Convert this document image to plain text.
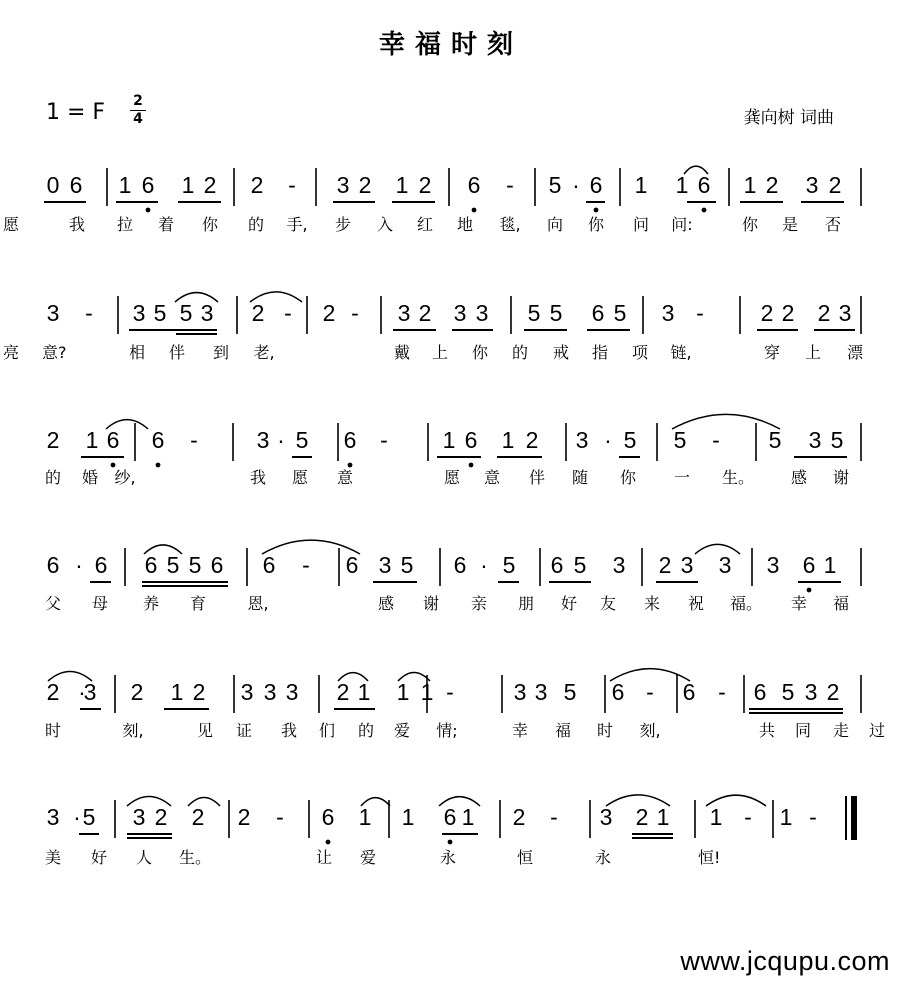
幸福时刻
1 = F 2
4	龚向树 词曲
0 6 1 6 1 2 2 - 3 2 1 2 6 - 5 · 6 1 1 6 1 2 3 2
我 拉 着 你 的 手, 步 入 红 地 毯, 向 你 问 问:	你 是 否
愿
3 - 3 5 5 3 2 - 2 - 3 2 3 3 5 5 6 5 3 - 2 2 2 3
意?	相 伴 到 老,	戴 上 你 的 戒 指 项 链,	穿 上 漂
亮
2 1 6 6 -	3 · 5 6 - 1 6 1 2 3 · 5 5 - 5 3 5
的 婚 纱,	我 愿 意	愿 意 伴 随 你 一 生。 感 谢
6 · 6 6 5 5 6 6 - 6 3 5 6 · 5 6 5 3 2 3 3 3 6 1
父 母 养 育	恩,	感 谢 亲 朋 好 友 来 祝 福。 幸 福
2 ·
3 2 1 2 3 3 3 2 1 1 1 -	3 3 5 6 - 6 - 6 5 3 2
时	刻,	见 证 我 们 的 爱 情;	幸 福 时 刻,	共 同 走 过
3 · 5 3 2 2 2 - 6 1 1 6 1 2 - 3 2 1 1 - 1 -
美 好 人 生。	让 爱	永	恒	永	恒!
www.jcqupu.com
